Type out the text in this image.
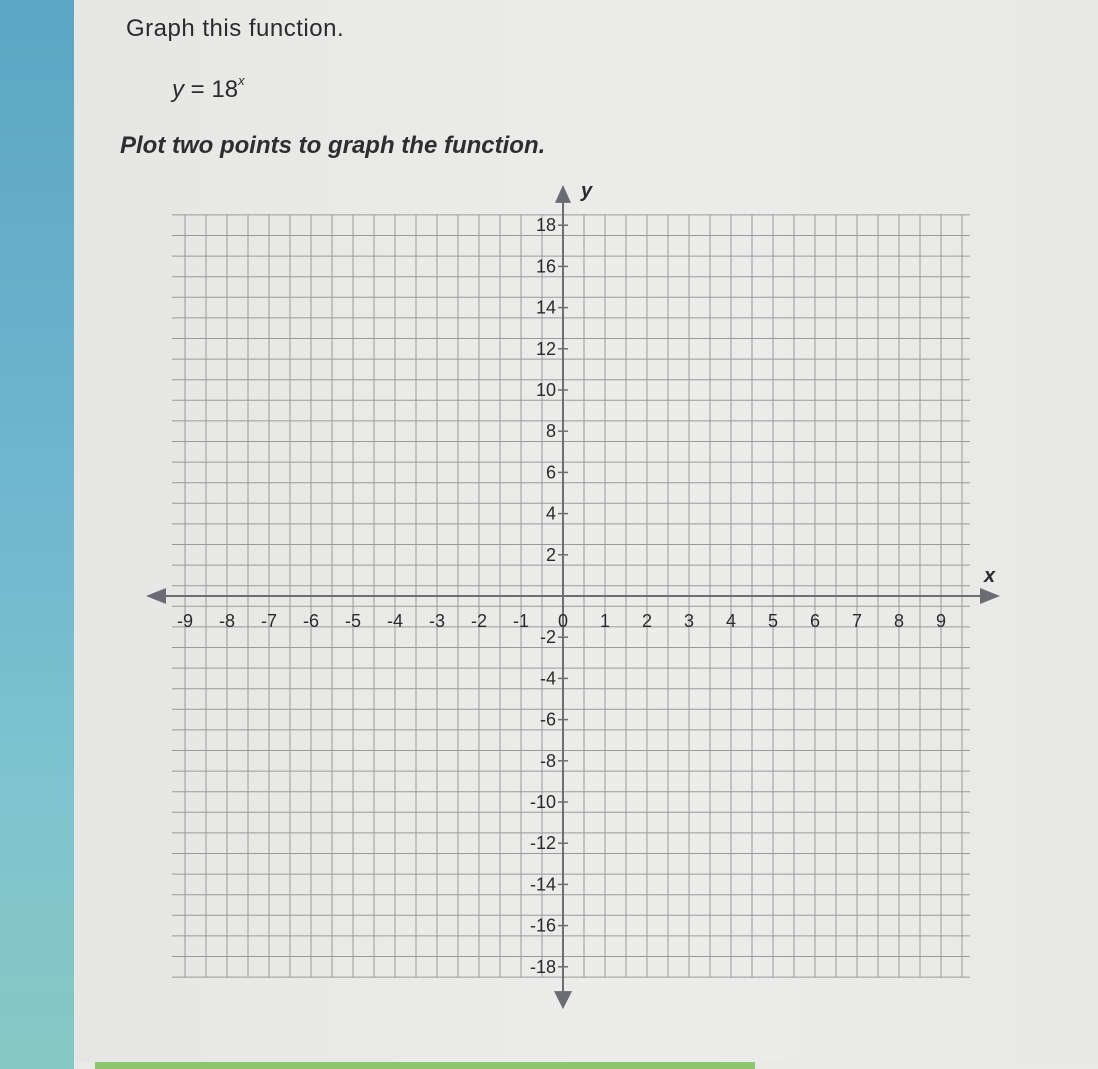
Graph this function.
$y = 18^x$

Plot two points to graph the function.

x
y
-9 -8 -7 -6 -5 -4 -3 -2 -1 0 1 2 3 4 5 6 7 8 9
18
16
14
12
10
8
6
4
2
-2
-4
-6
-8
-10
-12
-14
-16
-18
